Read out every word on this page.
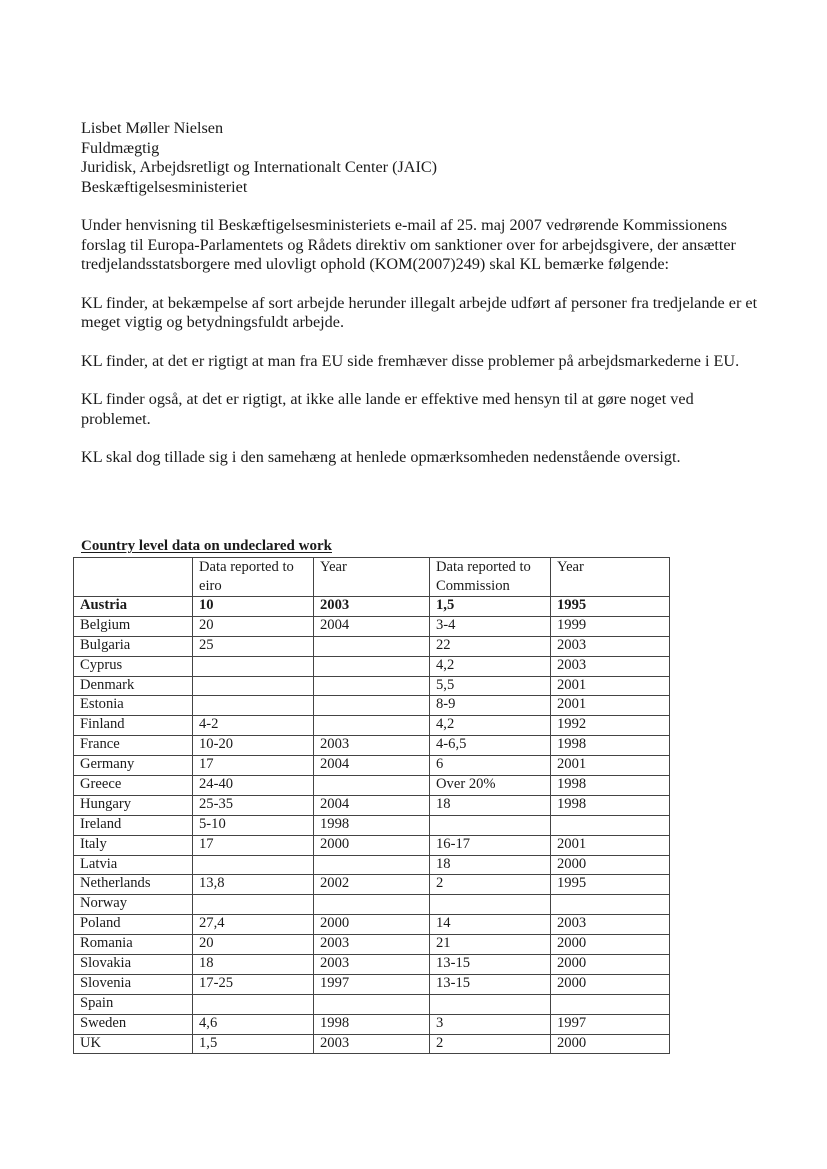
Lisbet Møller Nielsen

Fuldmægtig

Juridisk, Arbejdsretligt og Internationalt Center (JAIC)

Beskæftigelsesministeriet

Under henvisning til Beskæftigelsesministeriets e-mail af 25. maj 2007 vedrørende Kommissionens forslag til Europa-Parlamentets og Rådets direktiv om sanktioner over for arbejdsgivere, der ansætter tredjelandsstatsborgere med ulovligt ophold (KOM(2007)249) skal KL bemærke følgende:

KL finder, at bekæmpelse af sort arbejde herunder illegalt arbejde udført af personer fra tredjelande er et meget vigtig og betydningsfuldt arbejde.

KL finder, at det er rigtigt at man fra EU side fremhæver disse problemer på arbejdsmarkederne i EU.

KL finder også, at det er rigtigt, at ikke alle lande er effektive med hensyn til at gøre noget ved problemet.

KL skal dog tillade sig i den samehæng at henlede opmærksomheden nedenstående oversigt.

Country level data on undeclared work

	Data reported to eiro	Year	Data reported to Commission	Year

Austria	10	2003	1,5	1995
Belgium	20	2004	3-4	1999
Bulgaria	25		22	2003
Cyprus			4,2	2003
Denmark			5,5	2001
Estonia			8-9	2001
Finland	4-2		4,2	1992
France	10-20	2003	4-6,5	1998
Germany	17	2004	6	2001
Greece	24-40		Over 20%	1998
Hungary	25-35	2004	18	1998
Ireland	5-10	1998		
Italy	17	2000	16-17	2001
Latvia			18	2000
Netherlands	13,8	2002	2	1995
Norway				
Poland	27,4	2000	14	2003
Romania	20	2003	21	2000
Slovakia	18	2003	13-15	2000
Slovenia	17-25	1997	13-15	2000
Spain				
Sweden	4,6	1998	3	1997
UK	1,5	2003	2	2000
